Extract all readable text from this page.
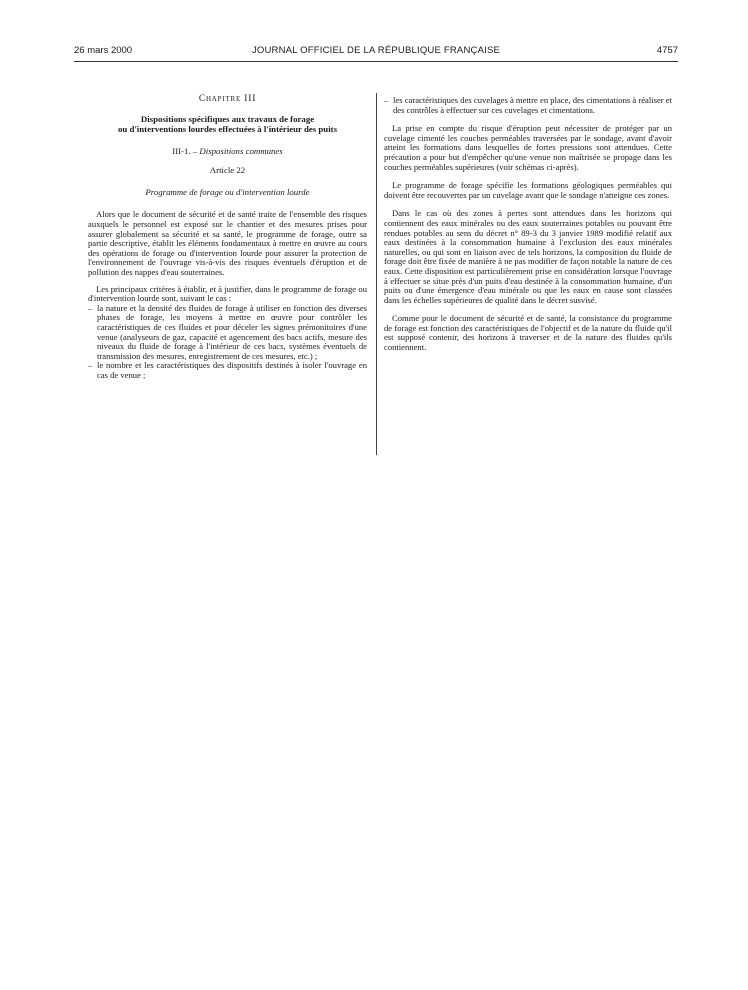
26 mars 2000	JOURNAL OFFICIEL DE LA RÉPUBLIQUE FRANÇAISE	4757
Chapitre III
Dispositions spécifiques aux travaux de forage
ou d'interventions lourdes effectuées à l'intérieur des puits
III-1. – Dispositions communes
Article 22
Programme de forage ou d'intervention lourde

Alors que le document de sécurité et de santé traite de l'ensemble des risques auxquels le personnel est exposé sur le chantier et des mesures prises pour assurer globalement sa sécurité et sa santé, le programme de forage, outre sa partie descriptive, établit les éléments fondamentaux à mettre en œuvre au cours des opérations de forage ou d'intervention lourde pour assurer la protection de l'environnement de l'ouvrage vis-à-vis des risques éventuels d'éruption et de pollution des nappes d'eau souterraines.

Les principaux critères à établir, et à justifier, dans le programme de forage ou d'intervention lourde sont, suivant le cas :

– la nature et la densité des fluides de forage à utiliser en fonction des diverses phases de forage, les moyens à mettre en œuvre pour contrôler les caractéristiques de ces fluides et pour déceler les signes prémonitoires d'une venue (analyseurs de gaz, capacité et agencement des bacs actifs, mesure des niveaux du fluide de forage à l'intérieur de ces bacs, systèmes éventuels de transmission des mesures, enregistrement de ces mesures, etc.) ;
– le nombre et les caractéristiques des dispositifs destinés à isoler l'ouvrage en cas de venue ;
– les caractéristiques des cuvelages à mettre en place, des cimentations à réaliser et des contrôles à effectuer sur ces cuvelages et cimentations.

La prise en compte du risque d'éruption peut nécessiter de protéger par un cuvelage cimenté les couches perméables traversées par le sondage, avant d'avoir atteint les formations dans lesquelles de fortes pressions sont attendues. Cette précaution a pour but d'empêcher qu'une venue non maîtrisée se propage dans les couches perméables supérieures (voir schémas ci-après).

Le programme de forage spécifie les formations géologiques perméables qui doivent être recouvertes par un cuvelage avant que le sondage n'atteigne ces zones.

Dans le cas où des zones à pertes sont attendues dans les horizons qui contiennent des eaux minérales ou des eaux souterraines potables ou pouvant être rendues potables au sens du décret n° 89-3 du 3 janvier 1989 modifié relatif aux eaux destinées à la consommation humaine à l'exclusion des eaux minérales naturelles, ou qui sont en liaison avec de tels horizons, la composition du fluide de forage doit être fixée de manière à ne pas modifier de façon notable la nature de ces eaux. Cette disposition est particulièrement prise en considération lorsque l'ouvrage à effectuer se situe près d'un puits d'eau destinée à la consommation humaine, d'un puits ou d'une émergence d'eau minérale ou que les eaux en cause sont classées dans les échelles supérieures de qualité dans le décret susvisé.

Comme pour le document de sécurité et de santé, la consistance du programme de forage est fonction des caractéristiques de l'objectif et de la nature du fluide qu'il est supposé contenir, des horizons à traverser et de la nature des fluides qu'ils contiennent.
